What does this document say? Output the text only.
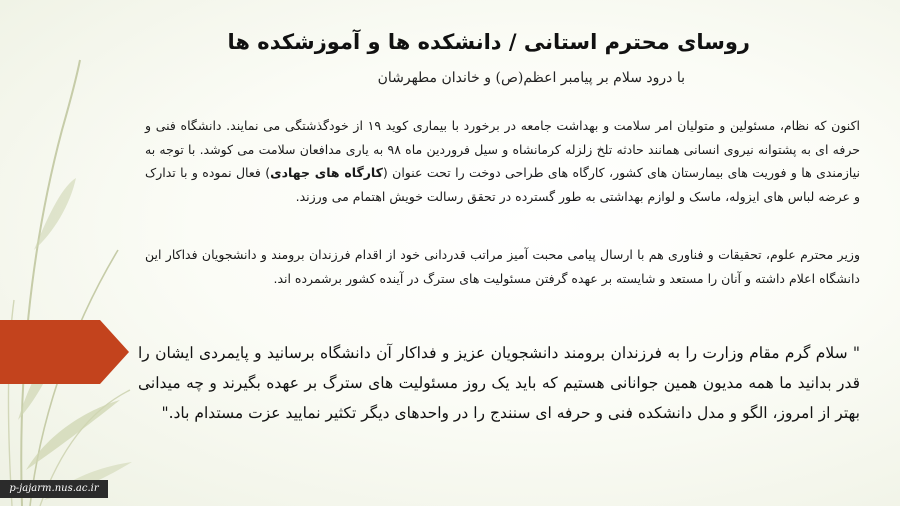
روسای محترم استانی / دانشکده ها و آموزشکده ها
با درود سلام بر پیامبر اعظم(ص) و خاندان مطهرشان
اکنون که نظام، مسئولین و متولیان امر سلامت و بهداشت جامعه در برخورد با بیماری کوید ۱۹ از خودگذشتگی می نمایند. دانشگاه فنی و حرفه ای به پشتوانه نیروی انسانی همانند حادثه تلخ زلزله کرمانشاه و سیل فروردین ماه ۹۸ به یاری مدافعان سلامت می کوشد. با توجه به نیازمندی ها و فوریت های بیمارستان های کشور، کارگاه های طراحی دوخت را تحت عنوان (کارگاه های جهادی) فعال نموده و با تدارک و عرضه لباس های ایزوله، ماسک و لوازم بهداشتی به طور گسترده در تحقق رسالت خویش اهتمام می ورزند.
وزیر محترم علوم، تحقیقات و فناوری هم با ارسال پیامی محبت آمیز مراتب قدردانی خود از اقدام فرزندان برومند و دانشجویان فداکار این دانشگاه اعلام داشته و آنان را مستعد و شایسته بر عهده گرفتن مسئولیت های سترگ در آینده کشور برشمرده اند.
" سلام گرم مقام وزارت را به فرزندان برومند دانشجویان عزیز و فداکار آن دانشگاه برسانید و پایمردی ایشان را قدر بدانید ما همه مدیون همین جوانانی هستیم که باید یک روز مسئولیت های سترگ بر عهده بگیرند و چه میدانی بهتر از امروز، الگو و مدل دانشکده فنی و حرفه ای سنندج را در واحدهای دیگر تکثیر نمایید عزت مستدام باد."
p-jajarm.nus.ac.ir
